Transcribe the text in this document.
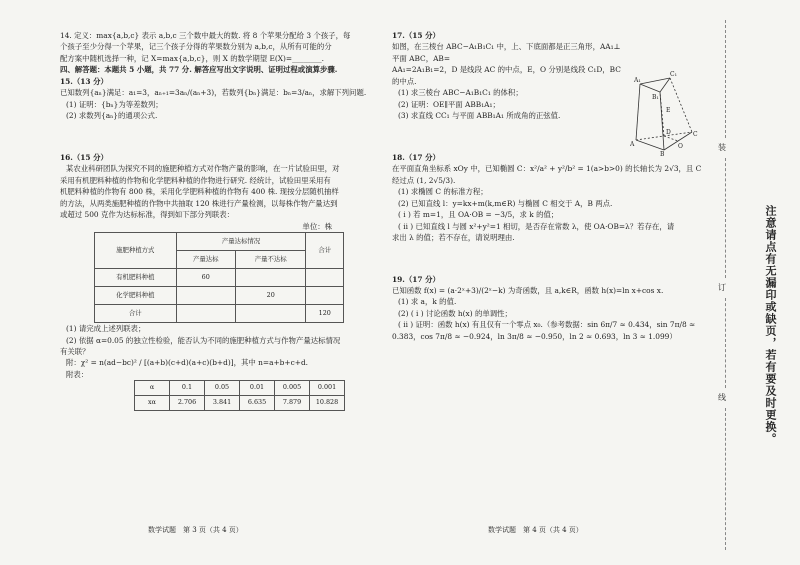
14. 定义：max{a,b,c} 表示 a,b,c 三个数中最大的数. 将 8 个苹果分配给 3 个孩子，每
个孩子至少分得一个苹果，记三个孩子分得的苹果数分别为 a,b,c，从所有可能的分
配方案中随机选择一种，记 X=max{a,b,c}，则 X 的数学期望 E(X)=________.
四、解答题：本题共 5 小题，共 77 分. 解答应写出文字说明、证明过程或演算步骤.
15.（13 分）
已知数列{aₙ}满足：a₁=3，aₙ₊₁=3aₙ/(aₙ+3)，若数列{bₙ}满足：bₙ=3/aₙ，求解下列问题.
(1) 证明：{bₙ}为等差数列；
(2) 求数列{aₙ}的通项公式.
16.（15 分）
某农业科研团队为探究不同的施肥种植方式对作物产量的影响，在一片试验田里，对
采用有机肥料种植的作物和化学肥料种植的作物进行研究. 经统计，试验田里采用有
机肥料种植的作物有 800 株，采用化学肥料种植的作物有 400 株. 现按分层随机抽样
的方法，从两类施肥种植的作物中共抽取 120 株进行产量检测，以每株作物产量达到
或超过 500 克作为达标标准，得到如下部分列联表：
单位：株
施肥种植方式	产量达标情况		合计
	产量达标	产量不达标	
有机肥料种植	60		
化学肥料种植		20	
合计			120
(1) 请完成上述列联表；
(2) 依据 α=0.05 的独立性检验，能否认为不同的施肥种植方式与作物产量达标情况
有关联？
附：χ² = n(ad−bc)² / [(a+b)(c+d)(a+c)(b+d)]，其中 n=a+b+c+d.
附表：
α	0.1	0.05	0.01	0.005	0.001
xα	2.706	3.841	6.635	7.879	10.828
数学试题　第 3 页（共 4 页）
17.（15 分）
如图，在三棱台 ABC−A₁B₁C₁ 中，上、下底面都是正三角形，AA₁⊥平面 ABC，AB=
AA₁=2A₁B₁=2，D 是线段 AC 的中点，E，O 分别是线段 C₁D，BC 的中点.
(1) 求三棱台 ABC−A₁B₁C₁ 的体积；
(2) 证明：OE∥平面 ABB₁A₁；
(3) 求直线 CC₁ 与平面 ABB₁A₁ 所成角的正弦值.
A₁
C₁
B₁
E
A
D	C
O
B
18.（17 分）
在平面直角坐标系 xOy 中，已知椭圆 C：x²/a² + y²/b² = 1(a>b>0) 的长轴长为 2√3，且 C
经过点 (1, 2√5/3).
(1) 求椭圆 C 的标准方程；
(2) 已知直线 l：y=kx+m(k,m∈R) 与椭圆 C 相交于 A，B 两点.
( i ) 若 m=1，且 OA·OB = −3/5，求 k 的值；
( ii ) 已知直线 l 与圆 x²+y²=1 相切，是否存在常数 λ，使 OA·OB=λ？若存在，请
求出 λ 的值；若不存在，请说明理由.
19.（17 分）
已知函数 f(x) = (a·2ˣ+3)/(2ˣ−k) 为奇函数，且 a,k∈R，函数 h(x)=ln x+cos x.
(1) 求 a，k 的值.
(2) ( i ) 讨论函数 h(x) 的单调性；
( ii ) 证明：函数 h(x) 有且仅有一个零点 x₀.（参考数据：sin 6π/7 ≈ 0.434，sin 7π/8 ≈
0.383，cos 7π/8 ≈ −0.924，ln 3π/8 ≈ −0.950，ln 2 ≈ 0.693，ln 3 ≈ 1.099）
数学试题　第 4 页（共 4 页）
装
订
线	注意请点有无漏印或缺页，若有要及时更换。
